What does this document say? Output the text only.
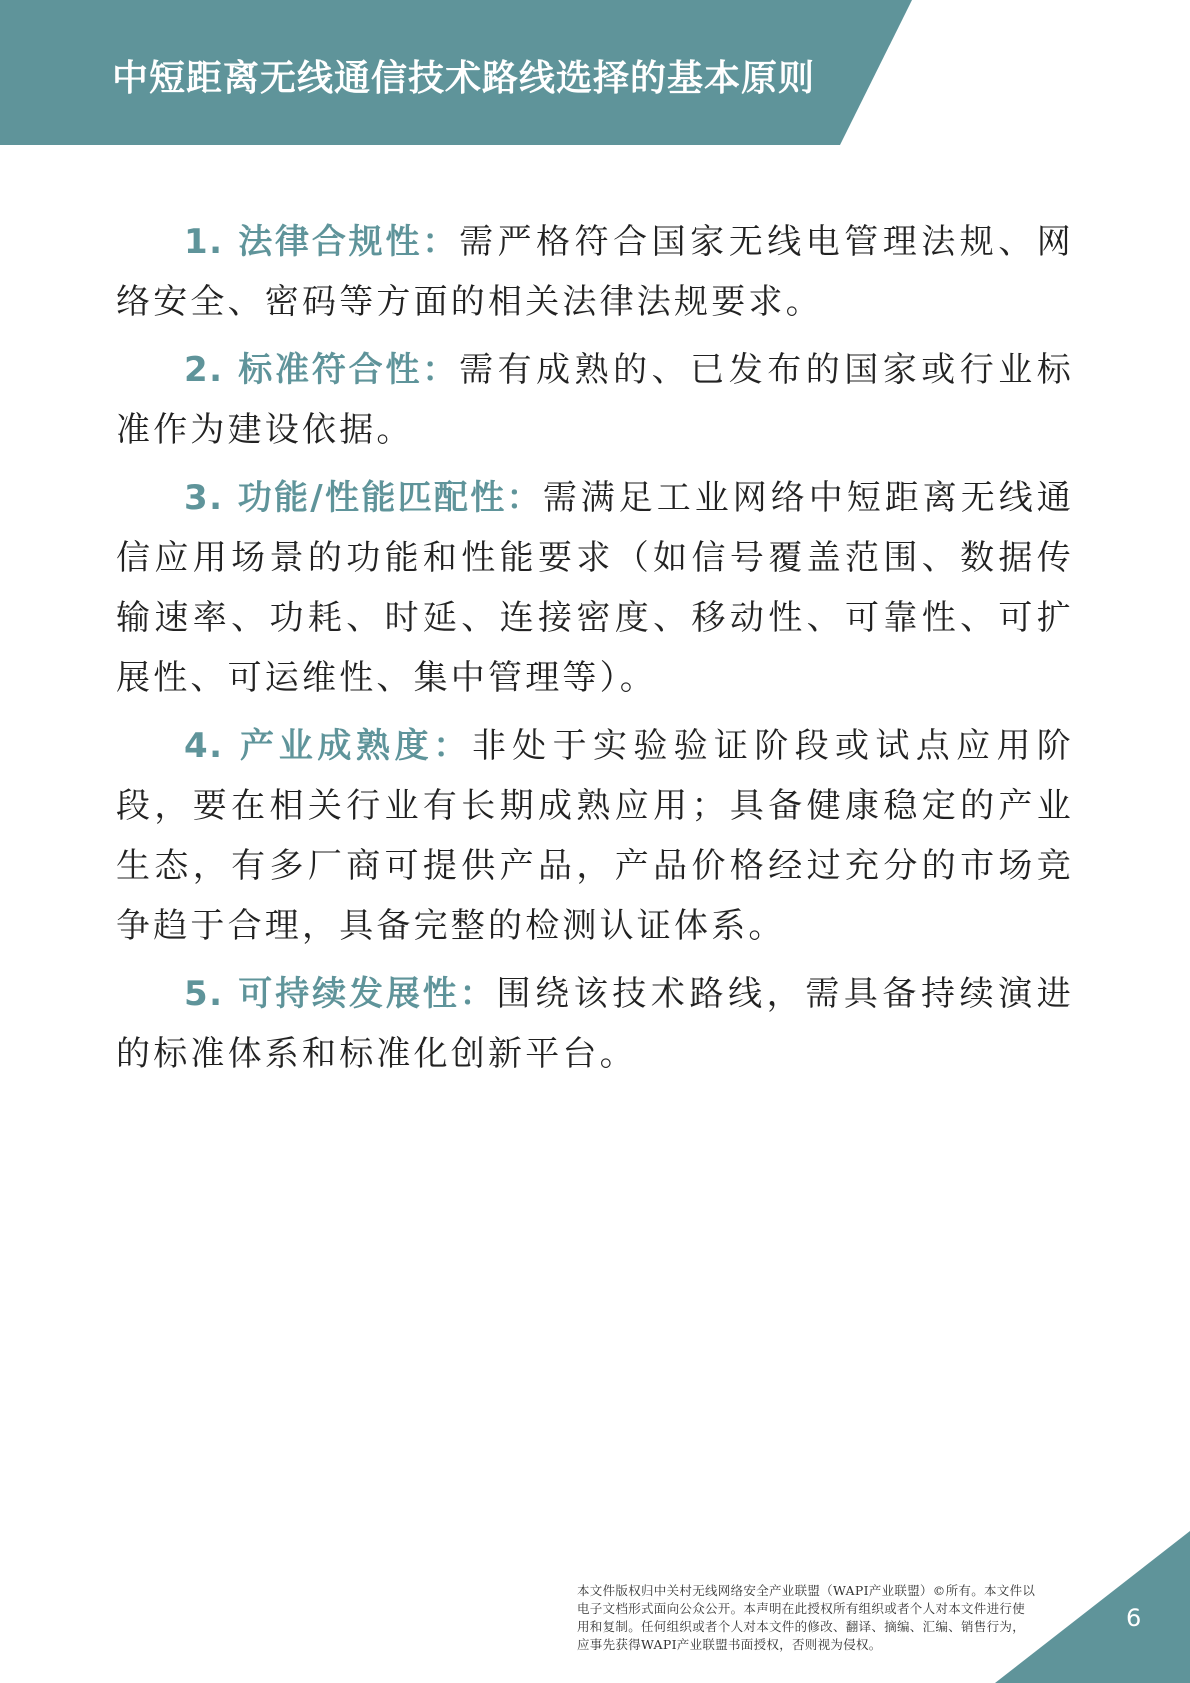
中短距离无线通信技术路线选择的基本原则

1. 法律合规性：需严格符合国家无线电管理法规、网络安全、密码等方面的相关法律法规要求。

2. 标准符合性：需有成熟的、已发布的国家或行业标准作为建设依据。

3. 功能/性能匹配性：需满足工业网络中短距离无线通信应用场景的功能和性能要求（如信号覆盖范围、数据传输速率、功耗、时延、连接密度、移动性、可靠性、可扩展性、可运维性、集中管理等）。

4. 产业成熟度：非处于实验验证阶段或试点应用阶段，要在相关行业有长期成熟应用；具备健康稳定的产业生态，有多厂商可提供产品，产品价格经过充分的市场竞争趋于合理，具备完整的检测认证体系。

5. 可持续发展性：围绕该技术路线，需具备持续演进的标准体系和标准化创新平台。

本文件版权归中关村无线网络安全产业联盟（WAPI产业联盟）©所有。本文件以电子文档形式面向公众公开。本声明在此授权所有组织或者个人对本文件进行使用和复制。任何组织或者个人对本文件的修改、翻译、摘编、汇编、销售行为，应事先获得WAPI产业联盟书面授权，否则视为侵权。
6
